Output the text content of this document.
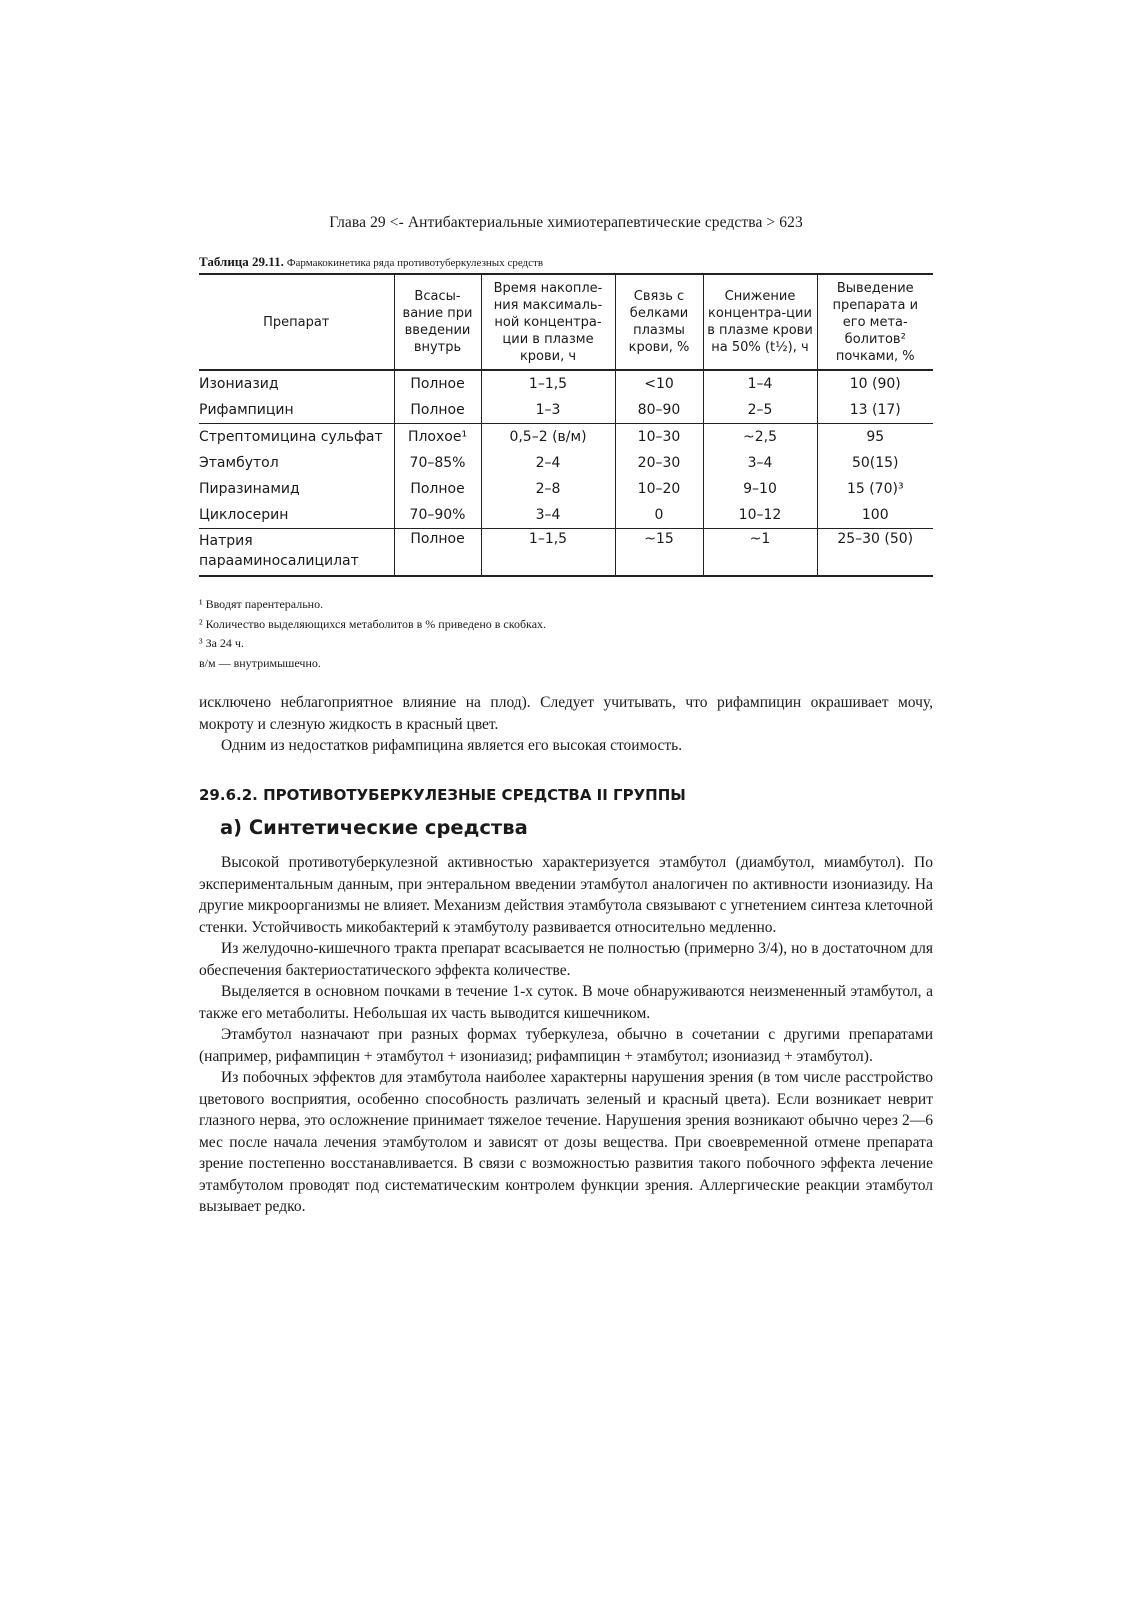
Глава 29 <- Антибактериальные химиотерапевтические средства > 623
Таблица 29.11. Фармакокинетика ряда противотуберкулезных средств
Препарат	Всасы-вание при введении внутрь	Время накопле-ния максималь-ной концентра-ции в плазме крови, ч	Связь с белками плазмы крови, %	Снижение концентра-ции в плазме крови на 50% (t½), ч	Выведение препарата и его мета-болитов² почками, %
Изониазид	Полное	1–1,5	<10	1–4	10 (90)
Рифампицин	Полное	1–3	80–90	2–5	13 (17)
Стрептомицина сульфат	Плохое¹	0,5–2 (в/м)	10–30	~2,5	95
Этамбутол	70–85%	2–4	20–30	3–4	50(15)
Пиразинамид	Полное	2–8	10–20	9–10	15 (70)³
Циклосерин	70–90%	3–4	0	10–12	100
Натрия парааминосалицилат	Полное	1–1,5	~15	~1	25–30 (50)
¹ Вводят парентерально.
² Количество выделяющихся метаболитов в % приведено в скобках.
³ За 24 ч.
в/м — внутримышечно.

исключено неблагоприятное влияние на плод). Следует учитывать, что рифампицин окрашивает мочу, мокроту и слезную жидкость в красный цвет.

Одним из недостатков рифампицина является его высокая стоимость.

29.6.2. ПРОТИВОТУБЕРКУЛЕЗНЫЕ СРЕДСТВА II ГРУППЫ
а) Синтетические средства

Высокой противотуберкулезной активностью характеризуется этамбутол (диамбутол, миамбутол). По экспериментальным данным, при энтеральном введении этамбутол аналогичен по активности изониазиду. На другие микроорганизмы не влияет. Механизм действия этамбутола связывают с угнетением синтеза клеточной стенки. Устойчивость микобактерий к этамбутолу развивается относительно медленно.

Из желудочно-кишечного тракта препарат всасывается не полностью (примерно 3/4), но в достаточном для обеспечения бактериостатического эффекта количестве.

Выделяется в основном почками в течение 1-х суток. В моче обнаруживаются неизмененный этамбутол, а также его метаболиты. Небольшая их часть выводится кишечником.

Этамбутол назначают при разных формах туберкулеза, обычно в сочетании с другими препаратами (например, рифампицин + этамбутол + изониазид; рифампицин + этамбутол; изониазид + этамбутол).

Из побочных эффектов для этамбутола наиболее характерны нарушения зрения (в том числе расстройство цветового восприятия, особенно способность различать зеленый и красный цвета). Если возникает неврит глазного нерва, это осложнение принимает тяжелое течение. Нарушения зрения возникают обычно через 2—6 мес после начала лечения этамбутолом и зависят от дозы вещества. При своевременной отмене препарата зрение постепенно восстанавливается. В связи с возможностью развития такого побочного эффекта лечение этамбутолом проводят под систематическим контролем функции зрения. Аллергические реакции этамбутол вызывает редко.
